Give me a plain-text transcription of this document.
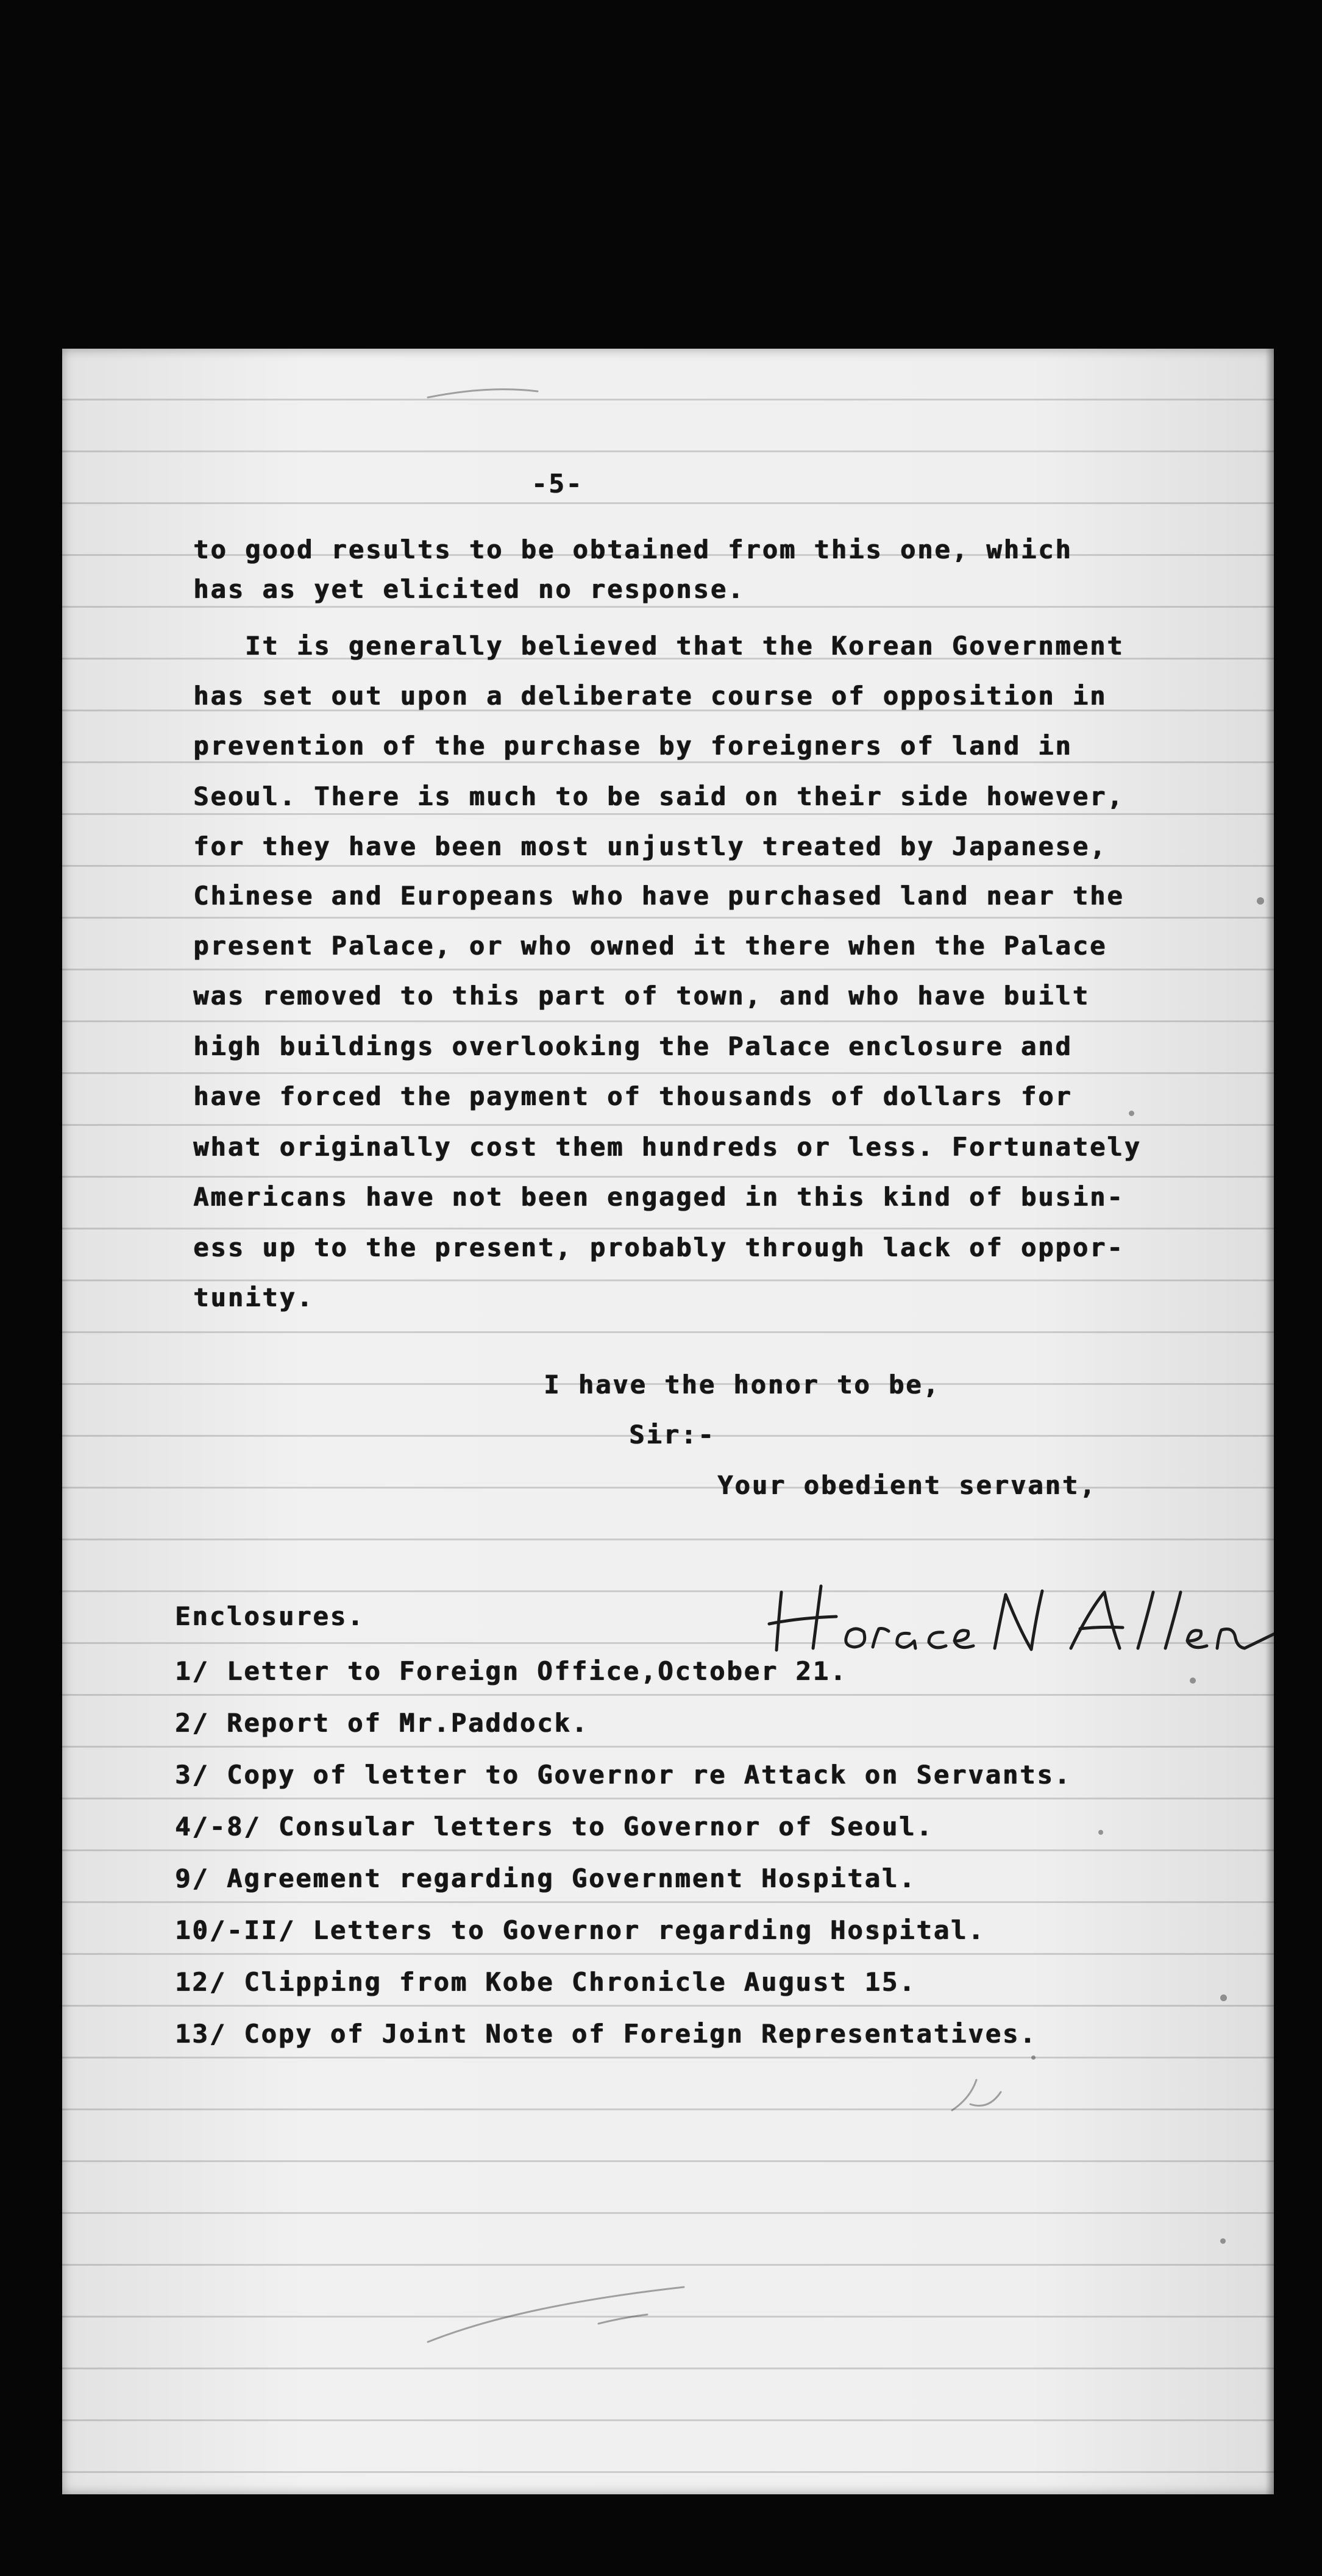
-5-
to good results to be obtained from this one, which
has as yet elicited no response.
It is generally believed that the Korean Government
has set out upon a deliberate course of opposition in
prevention of the purchase by foreigners of land in
Seoul. There is much to be said on their side however,
for they have been most unjustly treated by Japanese,
Chinese and Europeans who have purchased land near the
present Palace, or who owned it there when the Palace
was removed to this part of town, and who have built
high buildings overlooking the Palace enclosure and
have forced the payment of thousands of dollars for
what originally cost them hundreds or less. Fortunately
Americans have not been engaged in this kind of busin-
ess up to the present, probably through lack of oppor-
tunity.
I have the honor to be,
Sir:-
Your obedient servant,
Enclosures.
1/ Letter to Foreign Office,October 21.
2/ Report of Mr.Paddock.
3/ Copy of letter to Governor re Attack on Servants.
4/-8/ Consular letters to Governor of Seoul.
9/ Agreement regarding Government Hospital.
10/-II/ Letters to Governor regarding Hospital.
12/ Clipping from Kobe Chronicle August 15.
13/ Copy of Joint Note of Foreign Representatives.
